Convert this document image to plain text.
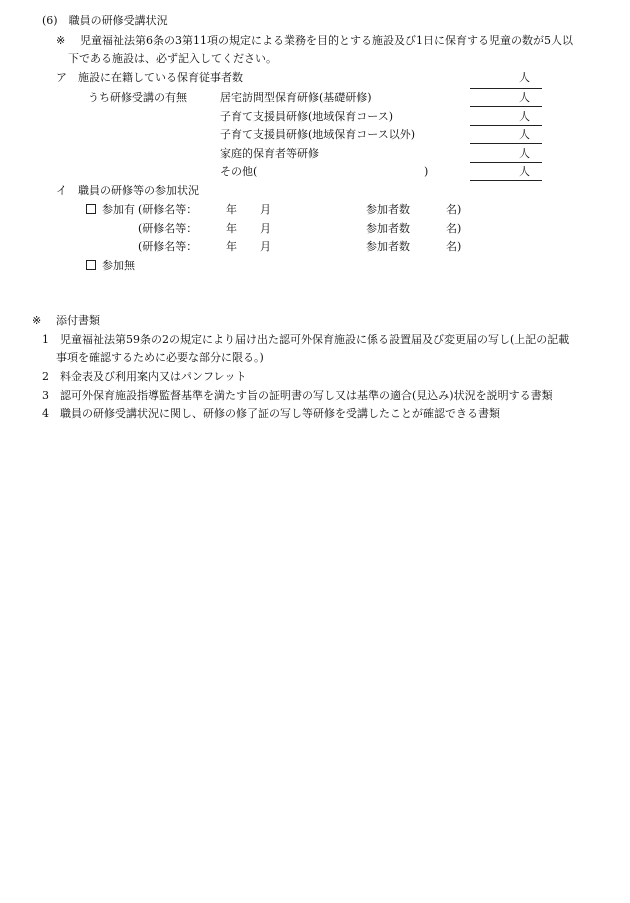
(6)　職員の研修受講状況
※ 児童福祉法第6条の3第11項の規定による業務を目的とする施設及び1日に保育する児童の数が5人以
下である施設は、必ず記入してください。
ア　施設に在籍している保育従事者数	人
うち研修受講の有無	居宅訪問型保育研修(基礎研修)	人
子育て支援員研修(地域保育コース)	人
子育て支援員研修(地域保育コース以外)	人
家庭的保育者等研修	人
その他(	)	人
イ　職員の研修等の参加状況
参加有 (研修名等：	年 月	参加者数	名)
(研修名等：	年 月	参加者数	名)
(研修名等：	年 月	参加者数	名)
参加無
※ 添付書類
1 児童福祉法第59条の2の規定により届け出た認可外保育施設に係る設置届及び変更届の写し(上記の記載
事項を確認するために必要な部分に限る。)
2 料金表及び利用案内又はパンフレット
3 認可外保育施設指導監督基準を満たす旨の証明書の写し又は基準の適合(見込み)状況を説明する書類
4 職員の研修受講状況に関し、研修の修了証の写し等研修を受講したことが確認できる書類
